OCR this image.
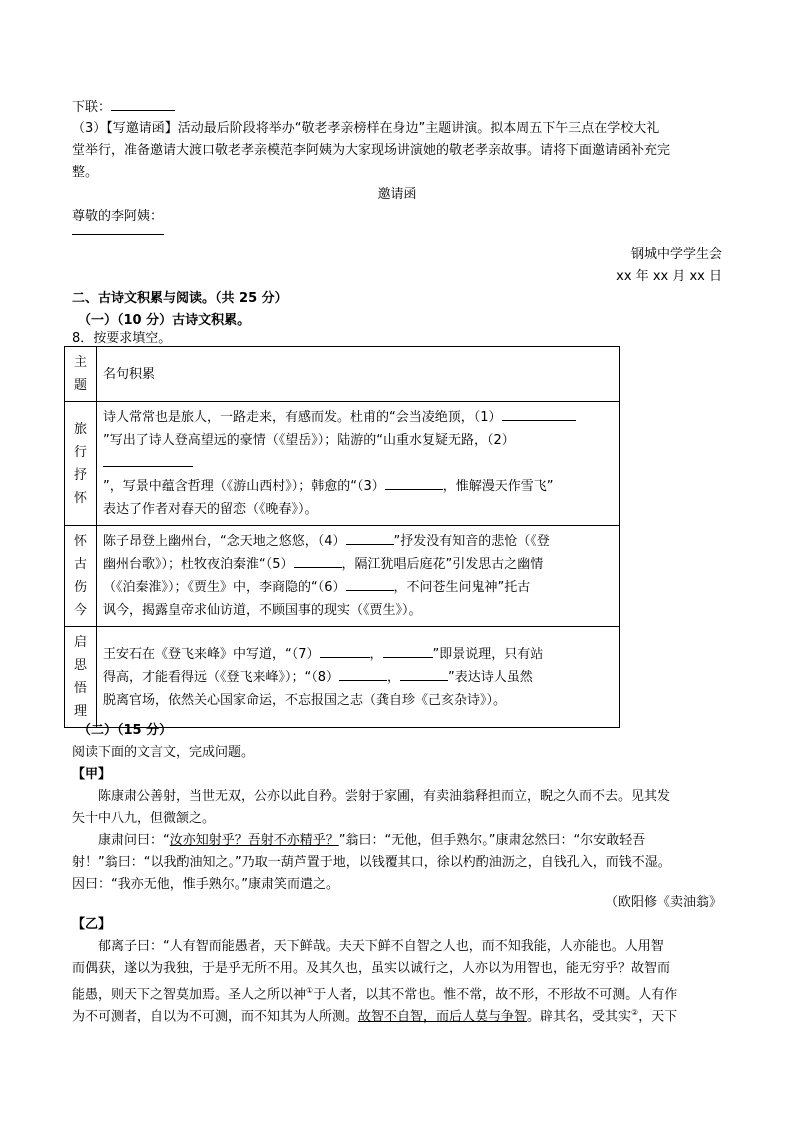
下联：
（3）【写邀请函】活动最后阶段将举办“敬老孝亲榜样在身边”主题讲演。拟本周五下午三点在学校大礼
堂举行，准备邀请大渡口敬老孝亲模范李阿姨为大家现场讲演她的敬老孝亲故事。请将下面邀请函补充完
整。
邀请函
尊敬的李阿姨：
钢城中学学生会
xx 年 xx 月 xx 日
二、古诗文积累与阅读。（共 25 分）
（一）（10 分）古诗文积累。
8．按要求填空。
主
题	名句积累

旅
行
抒
怀	诗人常常也是旅人，一路走来，有感而发。杜甫的“会当凌绝顶，（1）
”写出了诗人登高望远的豪情（《望岳》）；陆游的“山重水复疑无路，（2）

”，写景中蕴含哲理（《游山西村》）；韩愈的“（3） ，惟解漫天作雪飞”
表达了作者对春天的留恋（《晚春》）。

怀
古
伤
今	陈子昂登上幽州台，“念天地之悠悠，（4） ”抒发没有知音的悲怆（《登
幽州台歌》）；杜牧夜泊秦淮“（5） ，隔江犹唱后庭花”引发思古之幽情
（《泊秦淮》）；《贾生》中，李商隐的“（6） ，不问苍生问鬼神”托古
讽今，揭露皇帝求仙访道，不顾国事的现实（《贾生》）。

启
思
悟
理	王安石在《登飞来峰》中写道，“（7） ， ”即景说理，只有站
得高，才能看得远（《登飞来峰》）；“（8） ， ”表达诗人虽然
脱离官场，依然关心国家命运，不忘报国之志（龚自珍《己亥杂诗》）。
（二）（15 分）
阅读下面的文言文，完成问题。
【甲】
陈康肃公善射，当世无双，公亦以此自矜。尝射于家圃，有卖油翁释担而立，睨之久而不去。见其发
矢十中八九，但微颔之。
康肃问曰：“汝亦知射乎？吾射不亦精乎？”翁曰：“无他，但手熟尔。”康肃忿然曰：“尔安敢轻吾
射！”翁曰：“以我酌油知之。”乃取一葫芦置于地，以钱覆其口，徐以杓酌油沥之，自钱孔入，而钱不湿。
因曰：“我亦无他，惟手熟尔。”康肃笑而遣之。
（欧阳修《卖油翁》
【乙】
郁离子曰：“人有智而能愚者，天下鲜哉。夫天下鲜不自智之人也，而不知我能，人亦能也。人用智
而偶获，遂以为我独，于是乎无所不用。及其久也，虽实以诚行之，人亦以为用智也，能无穷乎？故智而
能愚，则天下之智莫加焉。圣人之所以神①于人者，以其不常也。惟不常，故不形，不形故不可测。人有作
为不可测者，自以为不可测，而不知其为人所测。故智不自智，而后人莫与争智。辟其名，受其实②，天下
